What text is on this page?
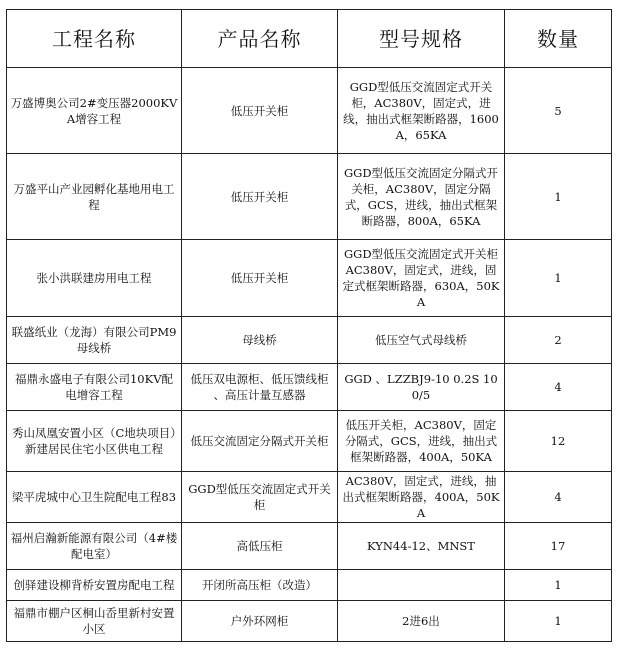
工程名称	产品名称	型号规格	数量
万盛博奥公司2#变压器2000KVA增容工程	低压开关柜	GGD型低压交流固定式开关柜，AC380V，固定式，进线，抽出式框架断路器，1600A，65KA	5
万盛平山产业园孵化基地用电工程	低压开关柜	GGD型低压交流固定分隔式开关柜，AC380V，固定分隔式，GCS，进线，抽出式框架断路器，800A，65KA	1
张小洪联建房用电工程	低压开关柜	GGD型低压交流固定式开关柜 AC380V，固定式，进线，固定式框架断路器，630A，50KA	1
联盛纸业（龙海）有限公司PM9母线桥	母线桥	低压空气式母线桥	2
福鼎永盛电子有限公司10KV配电增容工程	低压双电源柜、低压馈线柜 、高压计量互感器	GGD 、LZZBJ9-10 0.2S 100/5	4
秀山凤凰安置小区（C地块项目）新建居民住宅小区供电工程	低压交流固定分隔式开关柜	低压开关柜，AC380V，固定分隔式，GCS，进线，抽出式框架断路器，400A，50KA	12
梁平虎城中心卫生院配电工程83	GGD型低压交流固定式开关柜	AC380V，固定式，进线，抽出式框架断路器，400A，50KA	4
福州启瀚新能源有限公司（4#楼配电室）	高低压柜	KYN44-12、MNST	17
创驿建设柳背桥安置房配电工程	开闭所高压柜（改造）		1
福鼎市棚户区桐山岙里新村安置小区	户外环网柜	2进6出	1
